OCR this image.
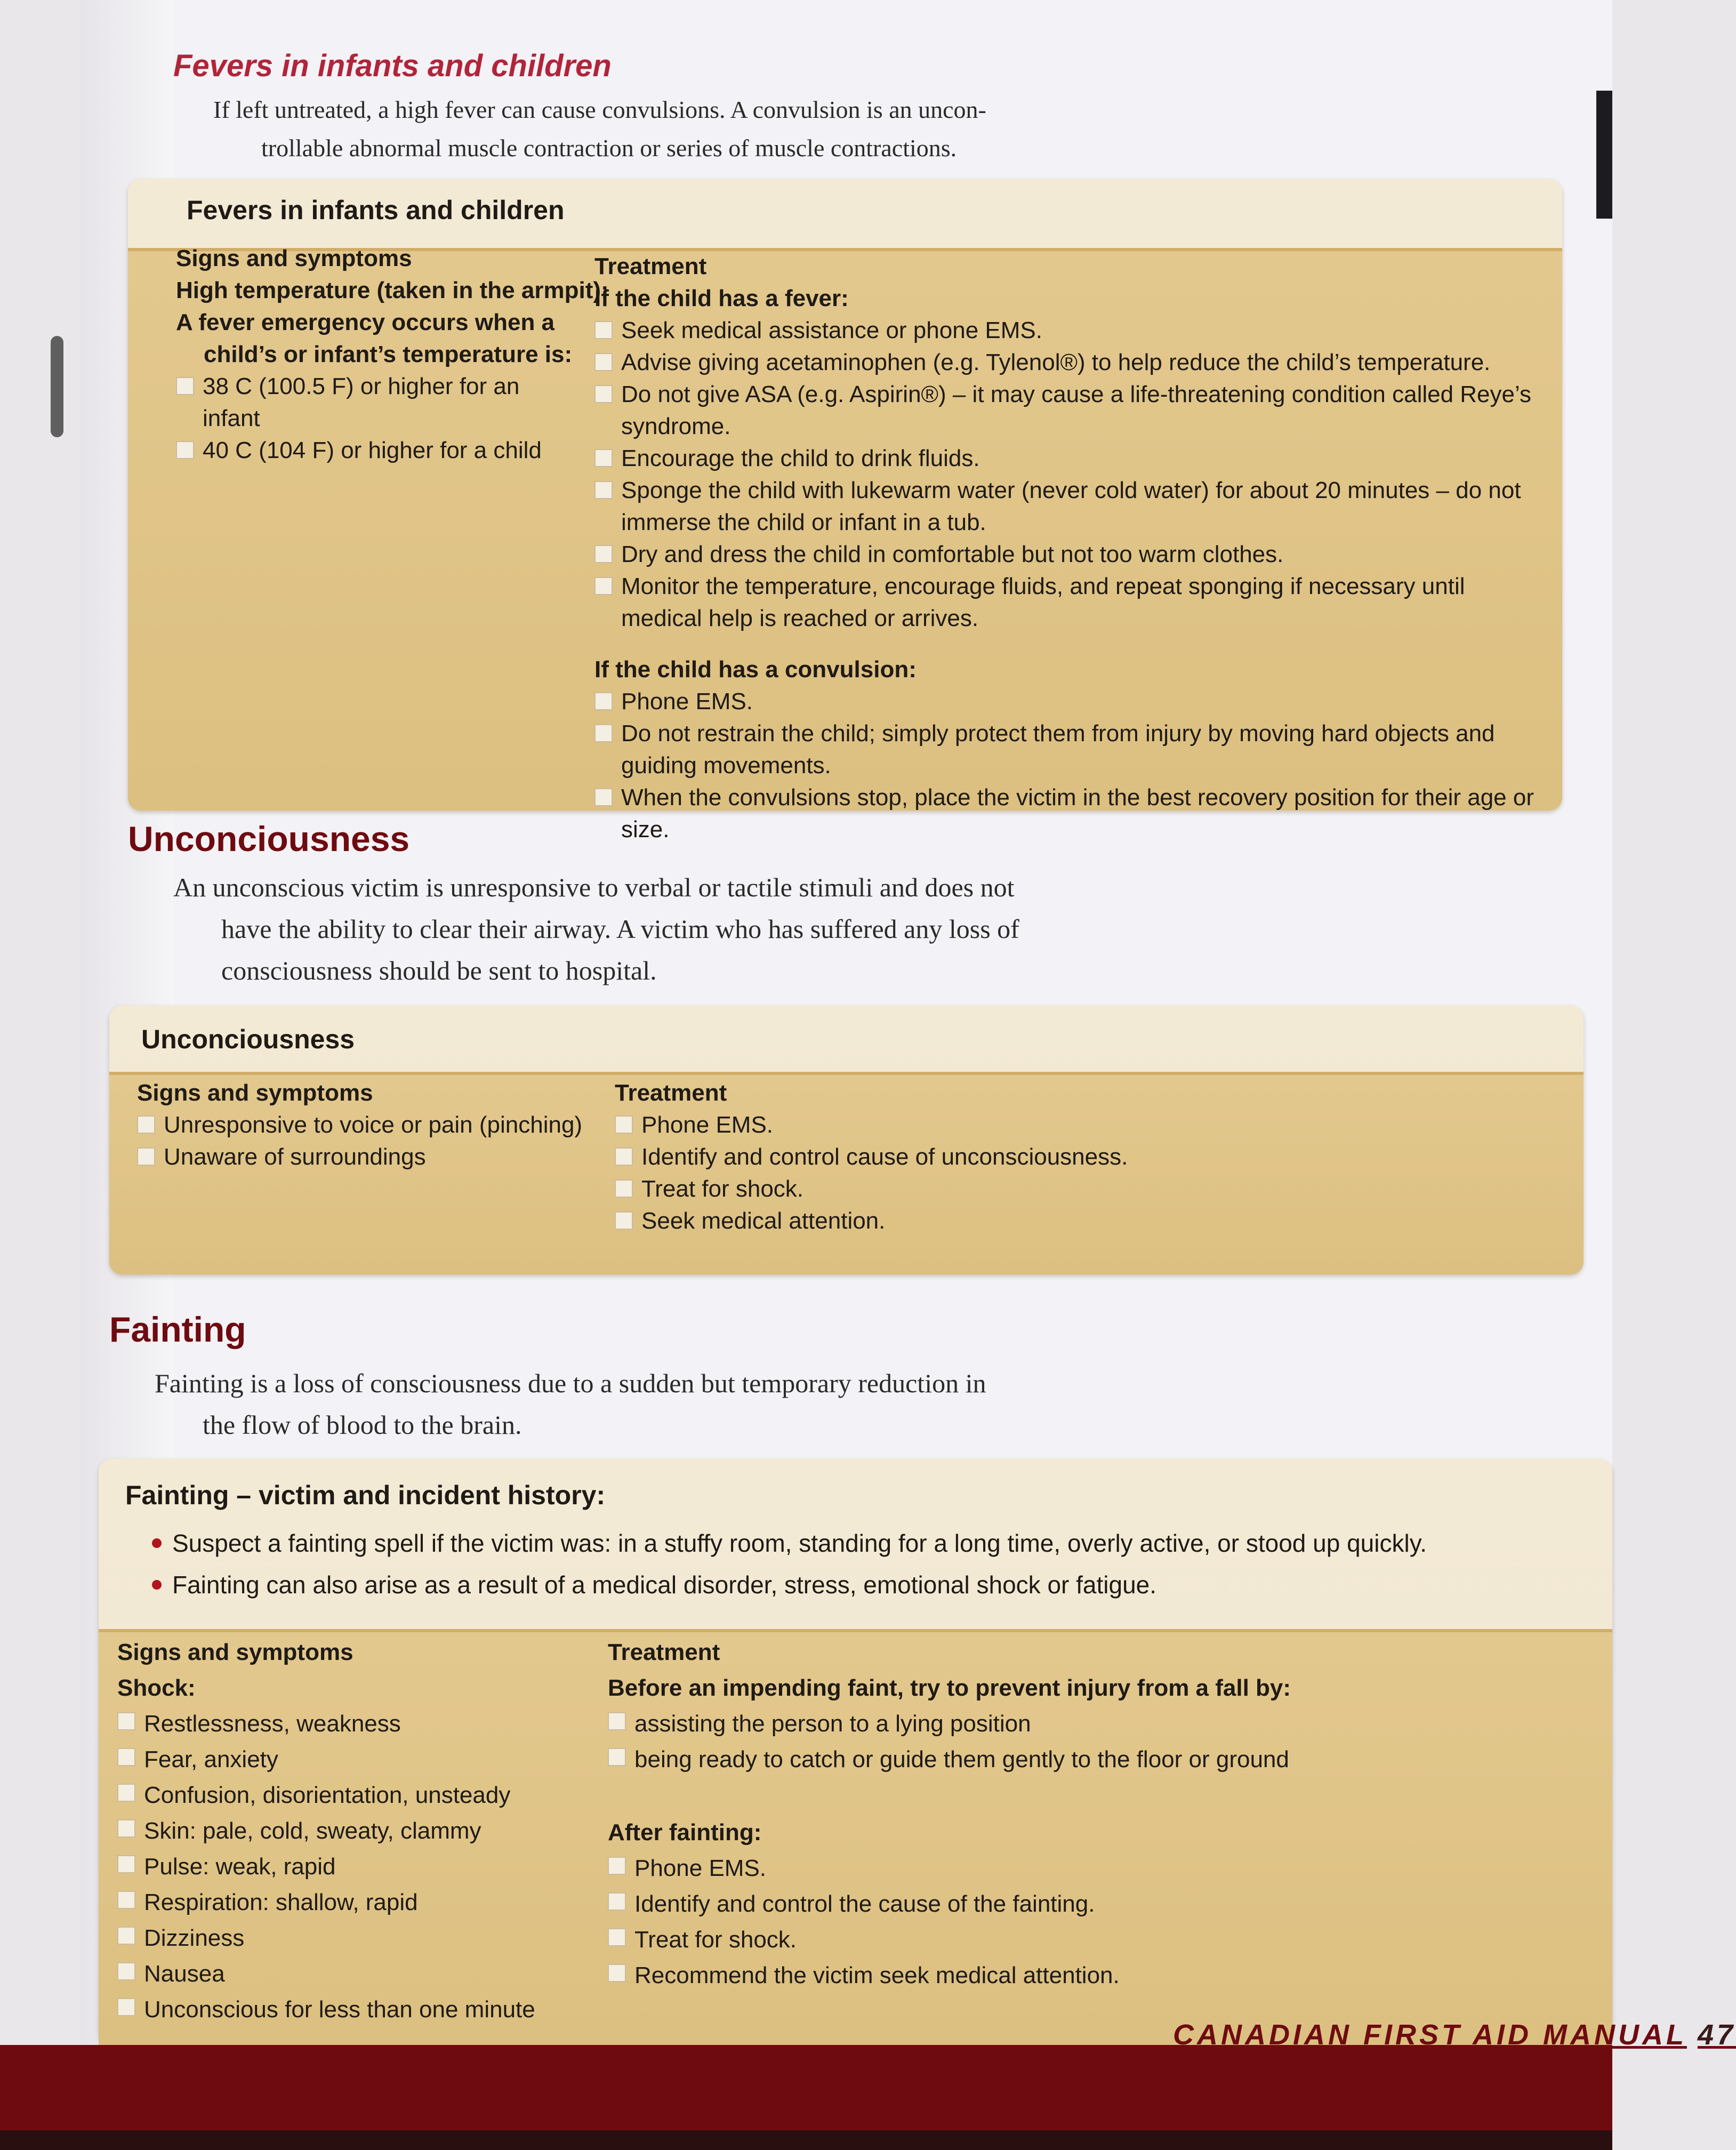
Fevers in infants and children
If left untreated, a high fever can cause convulsions. A convulsion is an uncon-
trollable abnormal muscle contraction or series of muscle contractions.
Fevers in infants and children
Signs and symptoms
High temperature (taken in the armpit):
A fever emergency occurs when a
child’s or infant’s temperature is:
38 C (100.5 F) or higher for an infant
40 C (104 F) or higher for a child
Treatment
If the child has a fever:
Seek medical assistance or phone EMS.
Advise giving acetaminophen (e.g. Tylenol®) to help reduce the child’s temperature.
Do not give ASA (e.g. Aspirin®) – it may cause a life-threatening condition called Reye’s syndrome.
Encourage the child to drink fluids.
Sponge the child with lukewarm water (never cold water) for about 20 minutes – do not immerse the child or infant in a tub.
Dry and dress the child in comfortable but not too warm clothes.
Monitor the temperature, encourage fluids, and repeat sponging if necessary until medical help is reached or arrives.
If the child has a convulsion:
Phone EMS.
Do not restrain the child; simply protect them from injury by moving hard objects and guiding movements.
When the convulsions stop, place the victim in the best recovery position for their age or size.
Unconciousness
An unconscious victim is unresponsive to verbal or tactile stimuli and does not
have the ability to clear their airway. A victim who has suffered any loss of
consciousness should be sent to hospital.
Unconciousness
Signs and symptoms
Unresponsive to voice or pain (pinching)
Unaware of surroundings
Treatment
Phone EMS.
Identify and control cause of unconsciousness.
Treat for shock.
Seek medical attention.
Fainting
Fainting is a loss of consciousness due to a sudden but temporary reduction in
the flow of blood to the brain.
Fainting – victim and incident history:
Suspect a fainting spell if the victim was: in a stuffy room, standing for a long time, overly active, or stood up quickly.
Fainting can also arise as a result of a medical disorder, stress, emotional shock or fatigue.
Signs and symptoms
Shock:
Restlessness, weakness
Fear, anxiety
Confusion, disorientation, unsteady
Skin: pale, cold, sweaty, clammy
Pulse: weak, rapid
Respiration: shallow, rapid
Dizziness
Nausea
Unconscious for less than one minute
Treatment
Before an impending faint, try to prevent injury from a fall by:
assisting the person to a lying position
being ready to catch or guide them gently to the floor or ground
After fainting:
Phone EMS.
Identify and control the cause of the fainting.
Treat for shock.
Recommend the victim seek medical attention.
CANADIAN FIRST AID MANUAL 47
